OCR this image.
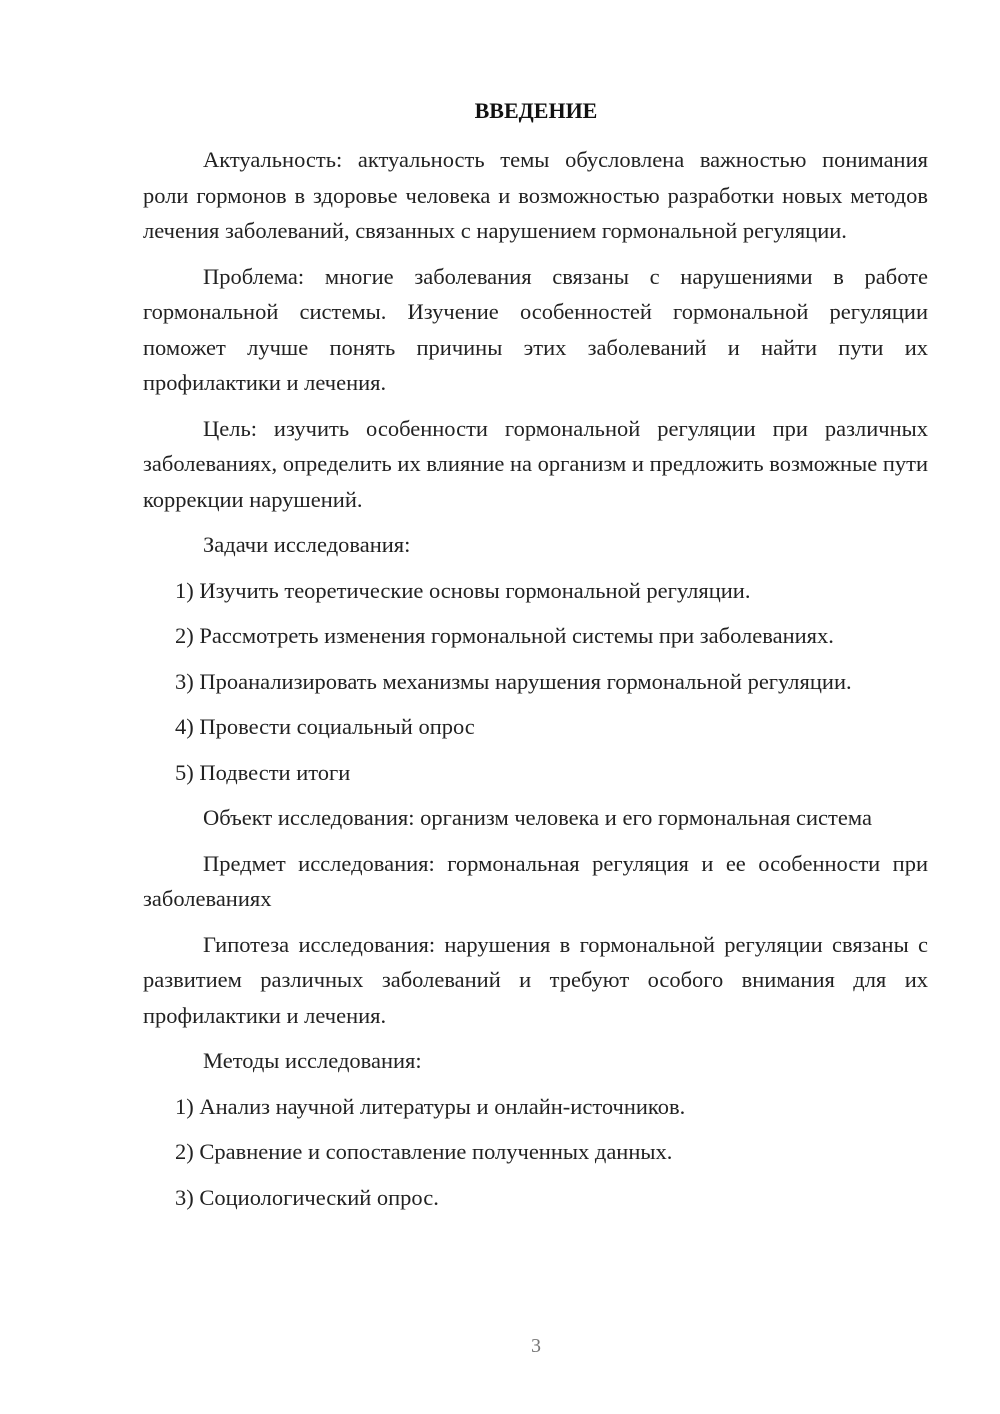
ВВЕДЕНИЕ

Актуальность: актуальность темы обусловлена важностью понимания роли гормонов в здоровье человека и возможностью разработки новых методов лечения заболеваний, связанных с нарушением гормональной регуляции.

Проблема: многие заболевания связаны с нарушениями в работе гормональной системы. Изучение особенностей гормональной регуляции поможет лучше понять причины этих заболеваний и найти пути их профилактики и лечения.

Цель: изучить особенности гормональной регуляции при различных заболеваниях, определить их влияние на организм и предложить возможные пути коррекции нарушений.

Задачи исследования:

1) Изучить теоретические основы гормональной регуляции.

2) Рассмотреть изменения гормональной системы при заболеваниях.

3) Проанализировать механизмы нарушения гормональной регуляции.

4) Провести социальный опрос

5) Подвести итоги

Объект исследования: организм человека и его гормональная система

Предмет исследования: гормональная регуляция и ее особенности при заболеваниях

Гипотеза исследования: нарушения в гормональной регуляции связаны с развитием различных заболеваний и требуют особого внимания для их профилактики и лечения.

Методы исследования:

1) Анализ научной литературы и онлайн-источников.

2) Сравнение и сопоставление полученных данных.

3) Социологический опрос.

3
